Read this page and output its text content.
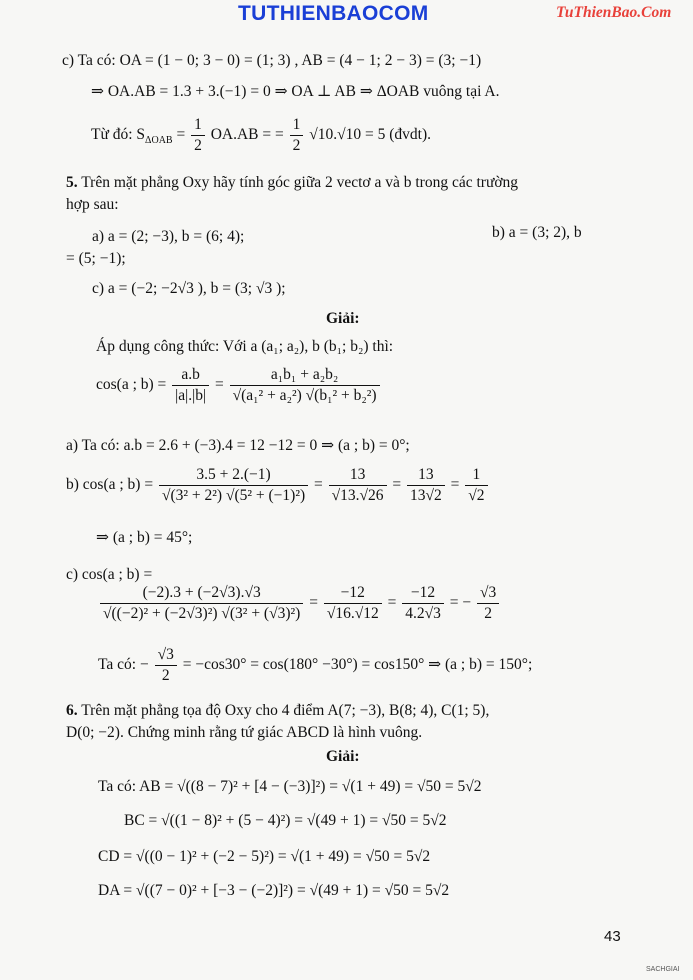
TUTHIENBAOCOM	TuThienBao.Com
c) Ta có: OA = (1 − 0; 3 − 0) = (1; 3) , AB = (4 − 1; 2 − 3) = (3; −1)
⇒ OA.AB = 1.3 + 3.(−1) = 0 ⇒ OA ⊥ AB ⇒ ΔOAB vuông tại A.
Từ đó: $S_{\Delta OAB} = \frac{1}{2} OA.AB$ = = $\frac{1}{2} √10.√10 = 5$ (đvdt).
5. Trên mặt phẳng Oxy hãy tính góc giữa 2 vectơ a và b trong các trường
hợp sau:
a) a = (2; −3), b = (6; 4);	b) a = (3; 2), b
= (5; −1);
c) a = (−2; −2√3 ), b = (3; √3 );
Giải:
Áp dụng công thức: Với a (a₁; a₂), b (b₁; b₂) thì:
cos(a ; $b) = \frac{a.b}{|a|.|b|} = \frac{\text{a₁b₁ + a₂b₂}}{\text{√(a₁² + a₂²) √(b₁² + b₂²)}}$
a) Ta có: a.b = 2.6 + (−3).4 = 12 −12 = 0 ⇒ (a ; b) = 0°;
b) cos(a ; $b) = \frac{3.5 + 2.(-1)}{\text{√(3² + 2²) √(5² + (−1)²)}} = \frac{13}{√13.√26} = \frac{13}{13√2} = \frac{1}{√2}$
⇒ (a ; b) = 45°;
c) cos(a ; b) =
$\frac{(-2).3 + (-2√3).√3}{\text{√((−2)² + (−2√3)²) √(3² + (√3)²)}} = \frac{-12}{√16.√12} = \frac{-12}{4.2√3}$ = − $\frac{√3}{2}$
Ta có: − $\frac{√3}{2} = -\cos 30^\circ = \cos(180^\circ -30^\circ) = \cos 150^\circ$ ⇒ (a ; b) = 150°;
6. Trên mặt phẳng tọa độ Oxy cho 4 điểm A(7; −3), B(8; 4), C(1; 5),
D(0; −2). Chứng minh rằng tứ giác ABCD là hình vuông.
Giải:
Ta có: AB = √((8 − 7)² + [4 − (−3)]²) = √(1 + 49) = √50 = 5√2
BC = √((1 − 8)² + (5 − 4)²) = √(49 + 1) = √50 = 5√2
CD = √((0 − 1)² + (−2 − 5)²) = √(1 + 49) = √50 = 5√2
DA = √((7 − 0)² + [−3 − (−2)]²) = √(49 + 1) = √50 = 5√2
43
SACHGIAI
